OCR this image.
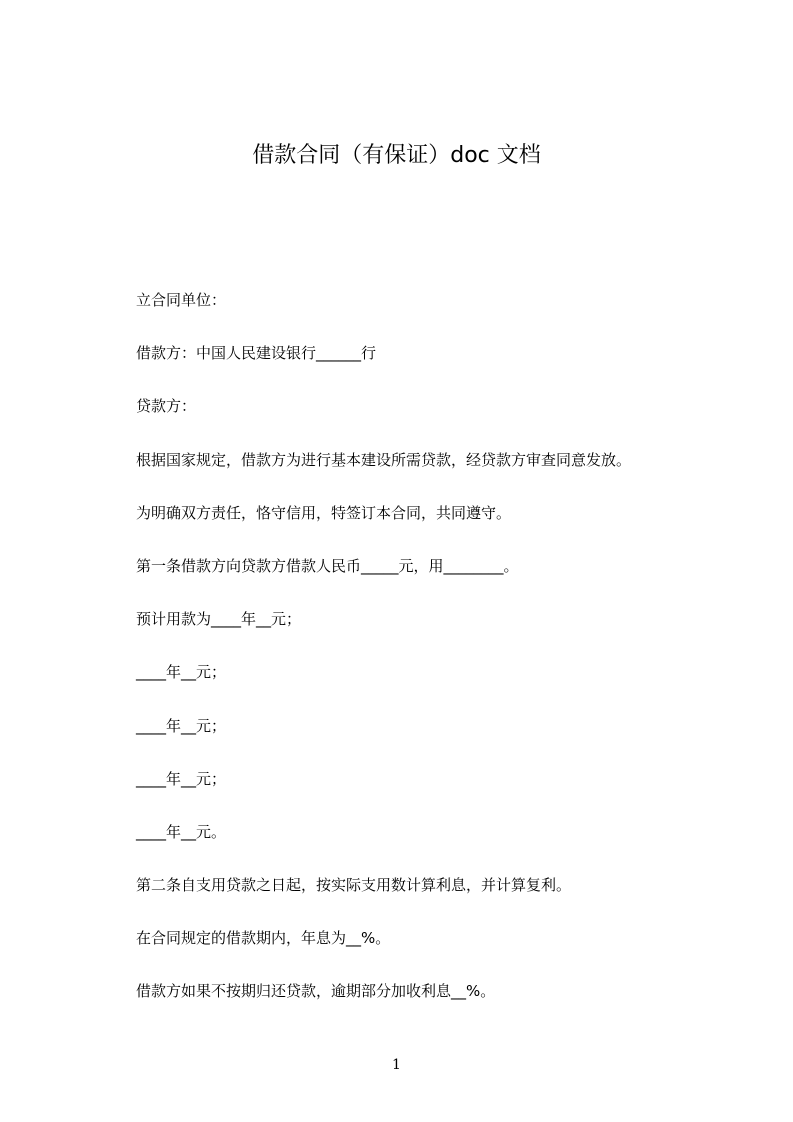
借款合同（有保证）doc 文档

立合同单位：

借款方：中国人民建设银行______行

贷款方：

根据国家规定，借款方为进行基本建设所需贷款，经贷款方审查同意发放。

为明确双方责任，恪守信用，特签订本合同，共同遵守。

第一条借款方向贷款方借款人民币_____元，用________。

预计用款为____年__元；

____年__元；

____年__元；

____年__元；

____年__元。

第二条自支用贷款之日起，按实际支用数计算利息，并计算复利。

在合同规定的借款期内，年息为__%。

借款方如果不按期归还贷款，逾期部分加收利息__%。

1
